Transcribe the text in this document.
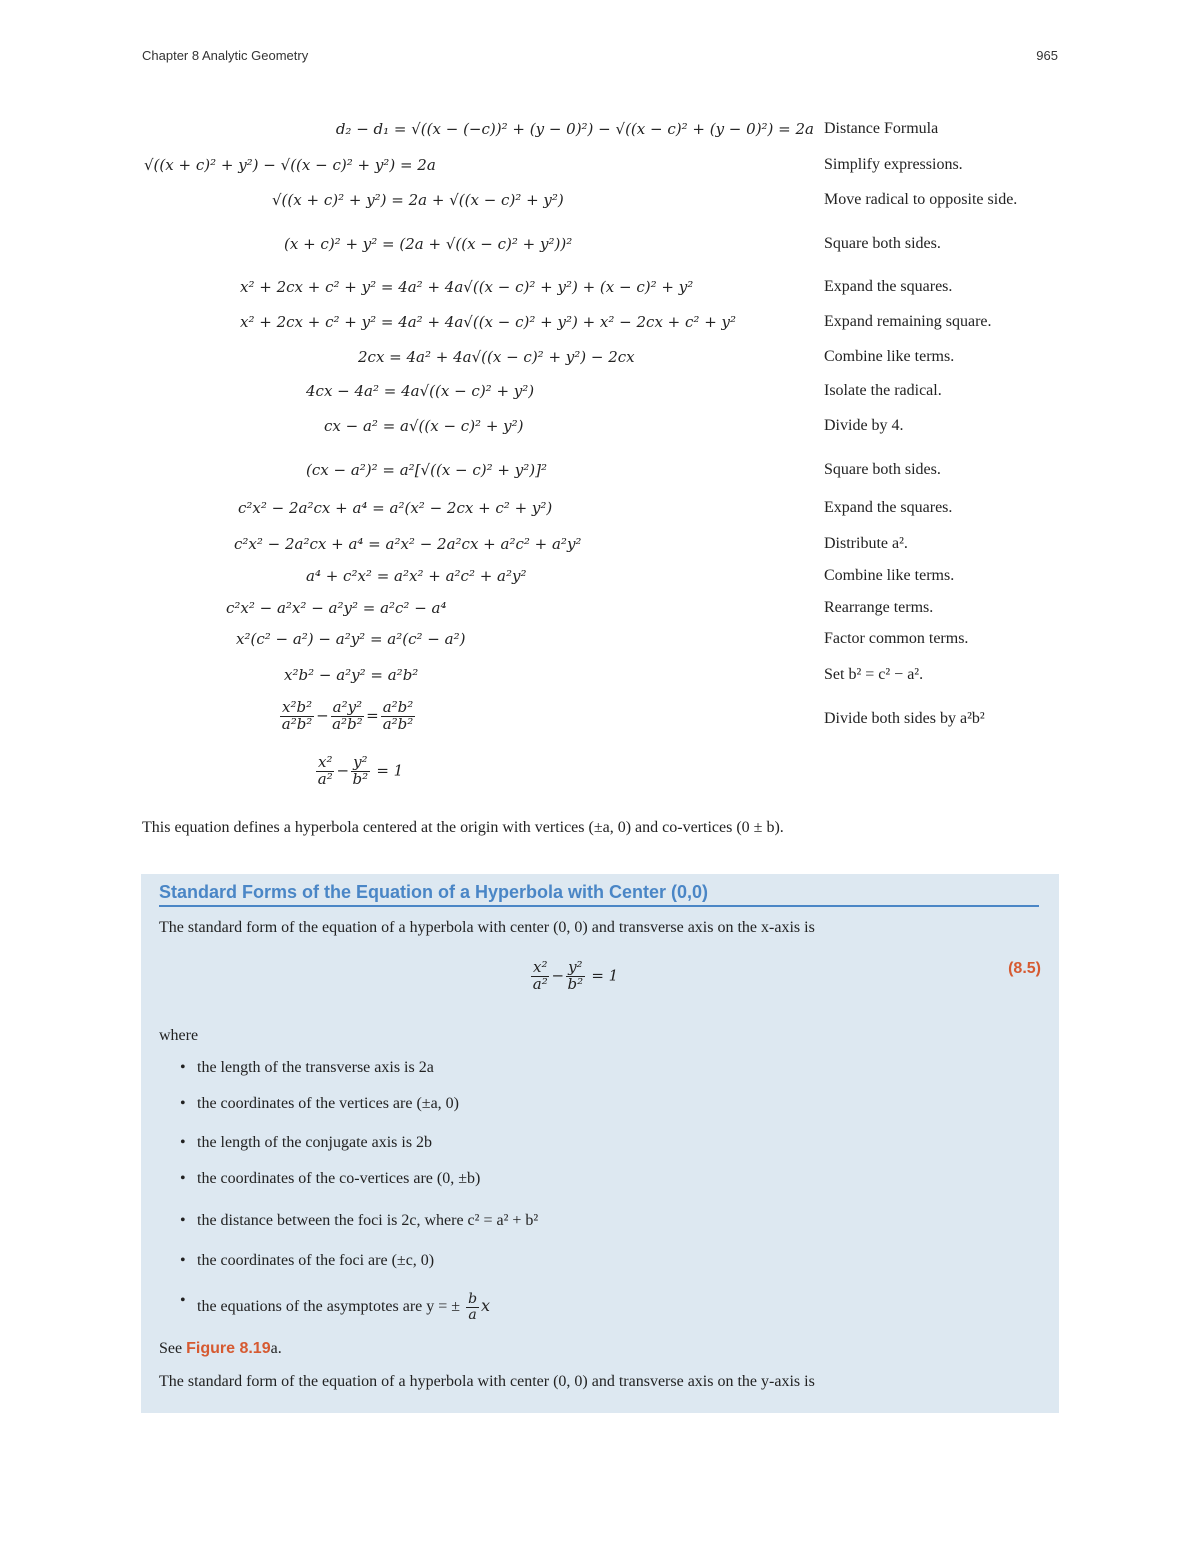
Chapter 8 Analytic Geometry	965
d₂ − d₁ = √((x − (−c))² + (y − 0)²) − √((x − c)² + (y − 0)²) = 2a Distance Formula
√((x + c)² + y²) − √((x − c)² + y²) = 2a	Simplify expressions.
√((x + c)² + y²) = 2a + √((x − c)² + y²)	Move radical to opposite side.
(x + c)² + y² = (2a + √((x − c)² + y²))²	Square both sides.
x² + 2cx + c² + y² = 4a² + 4a√((x − c)² + y²) + (x − c)² + y²	Expand the squares.
x² + 2cx + c² + y² = 4a² + 4a√((x − c)² + y²) + x² − 2cx + c² + y²	Expand remaining square.
2cx = 4a² + 4a√((x − c)² + y²) − 2cx	Combine like terms.
4cx − 4a² = 4a√((x − c)² + y²)	Isolate the radical.
cx − a² = a√((x − c)² + y²)	Divide by 4.
(cx − a²)² = a²[√((x − c)² + y²)]²	Square both sides.
c²x² − 2a²cx + a⁴ = a²(x² − 2cx + c² + y²)	Expand the squares.
c²x² − 2a²cx + a⁴ = a²x² − 2a²cx + a²c² + a²y²	Distribute a².
a⁴ + c²x² = a²x² + a²c² + a²y²	Combine like terms.
c²x² − a²x² − a²y² = a²c² − a⁴	Rearrange terms.
x²(c² − a²) − a²y² = a²(c² − a²)	Factor common terms.
x²b² − a²y² = a²b²	Set b² = c² − a².
$\frac{\text{x²b²}}{\text{a²b²}} - \frac{\text{a²y²}}{\text{a²b²}} = \frac{\text{a²b²}}{\text{a²b²}}$	Divide both sides by a²b²
$\frac{\text{x²}}{\text{a²}} - \frac{\text{y²}}{\text{b²}} = 1$
This equation defines a hyperbola centered at the origin with vertices (±a, 0) and co-vertices (0 ± b).
Standard Forms of the Equation of a Hyperbola with Center (0,0)
The standard form of the equation of a hyperbola with center (0, 0) and transverse axis on the x-axis is
$\frac{\text{x²}}{\text{a²}} - \frac{\text{y²}}{\text{b²}} = 1$	(8.5)
where
• the length of the transverse axis is 2a
• the coordinates of the vertices are (±a, 0)
• the length of the conjugate axis is 2b
• the coordinates of the co-vertices are (0, ±b)
• the distance between the foci is 2c, where c² = a² + b²
• the coordinates of the foci are (±c, 0)
• the equations of the asymptotes are y = ± $\frac{b}{a}$ x
See Figure 8.19a.
The standard form of the equation of a hyperbola with center (0, 0) and transverse axis on the y-axis is
